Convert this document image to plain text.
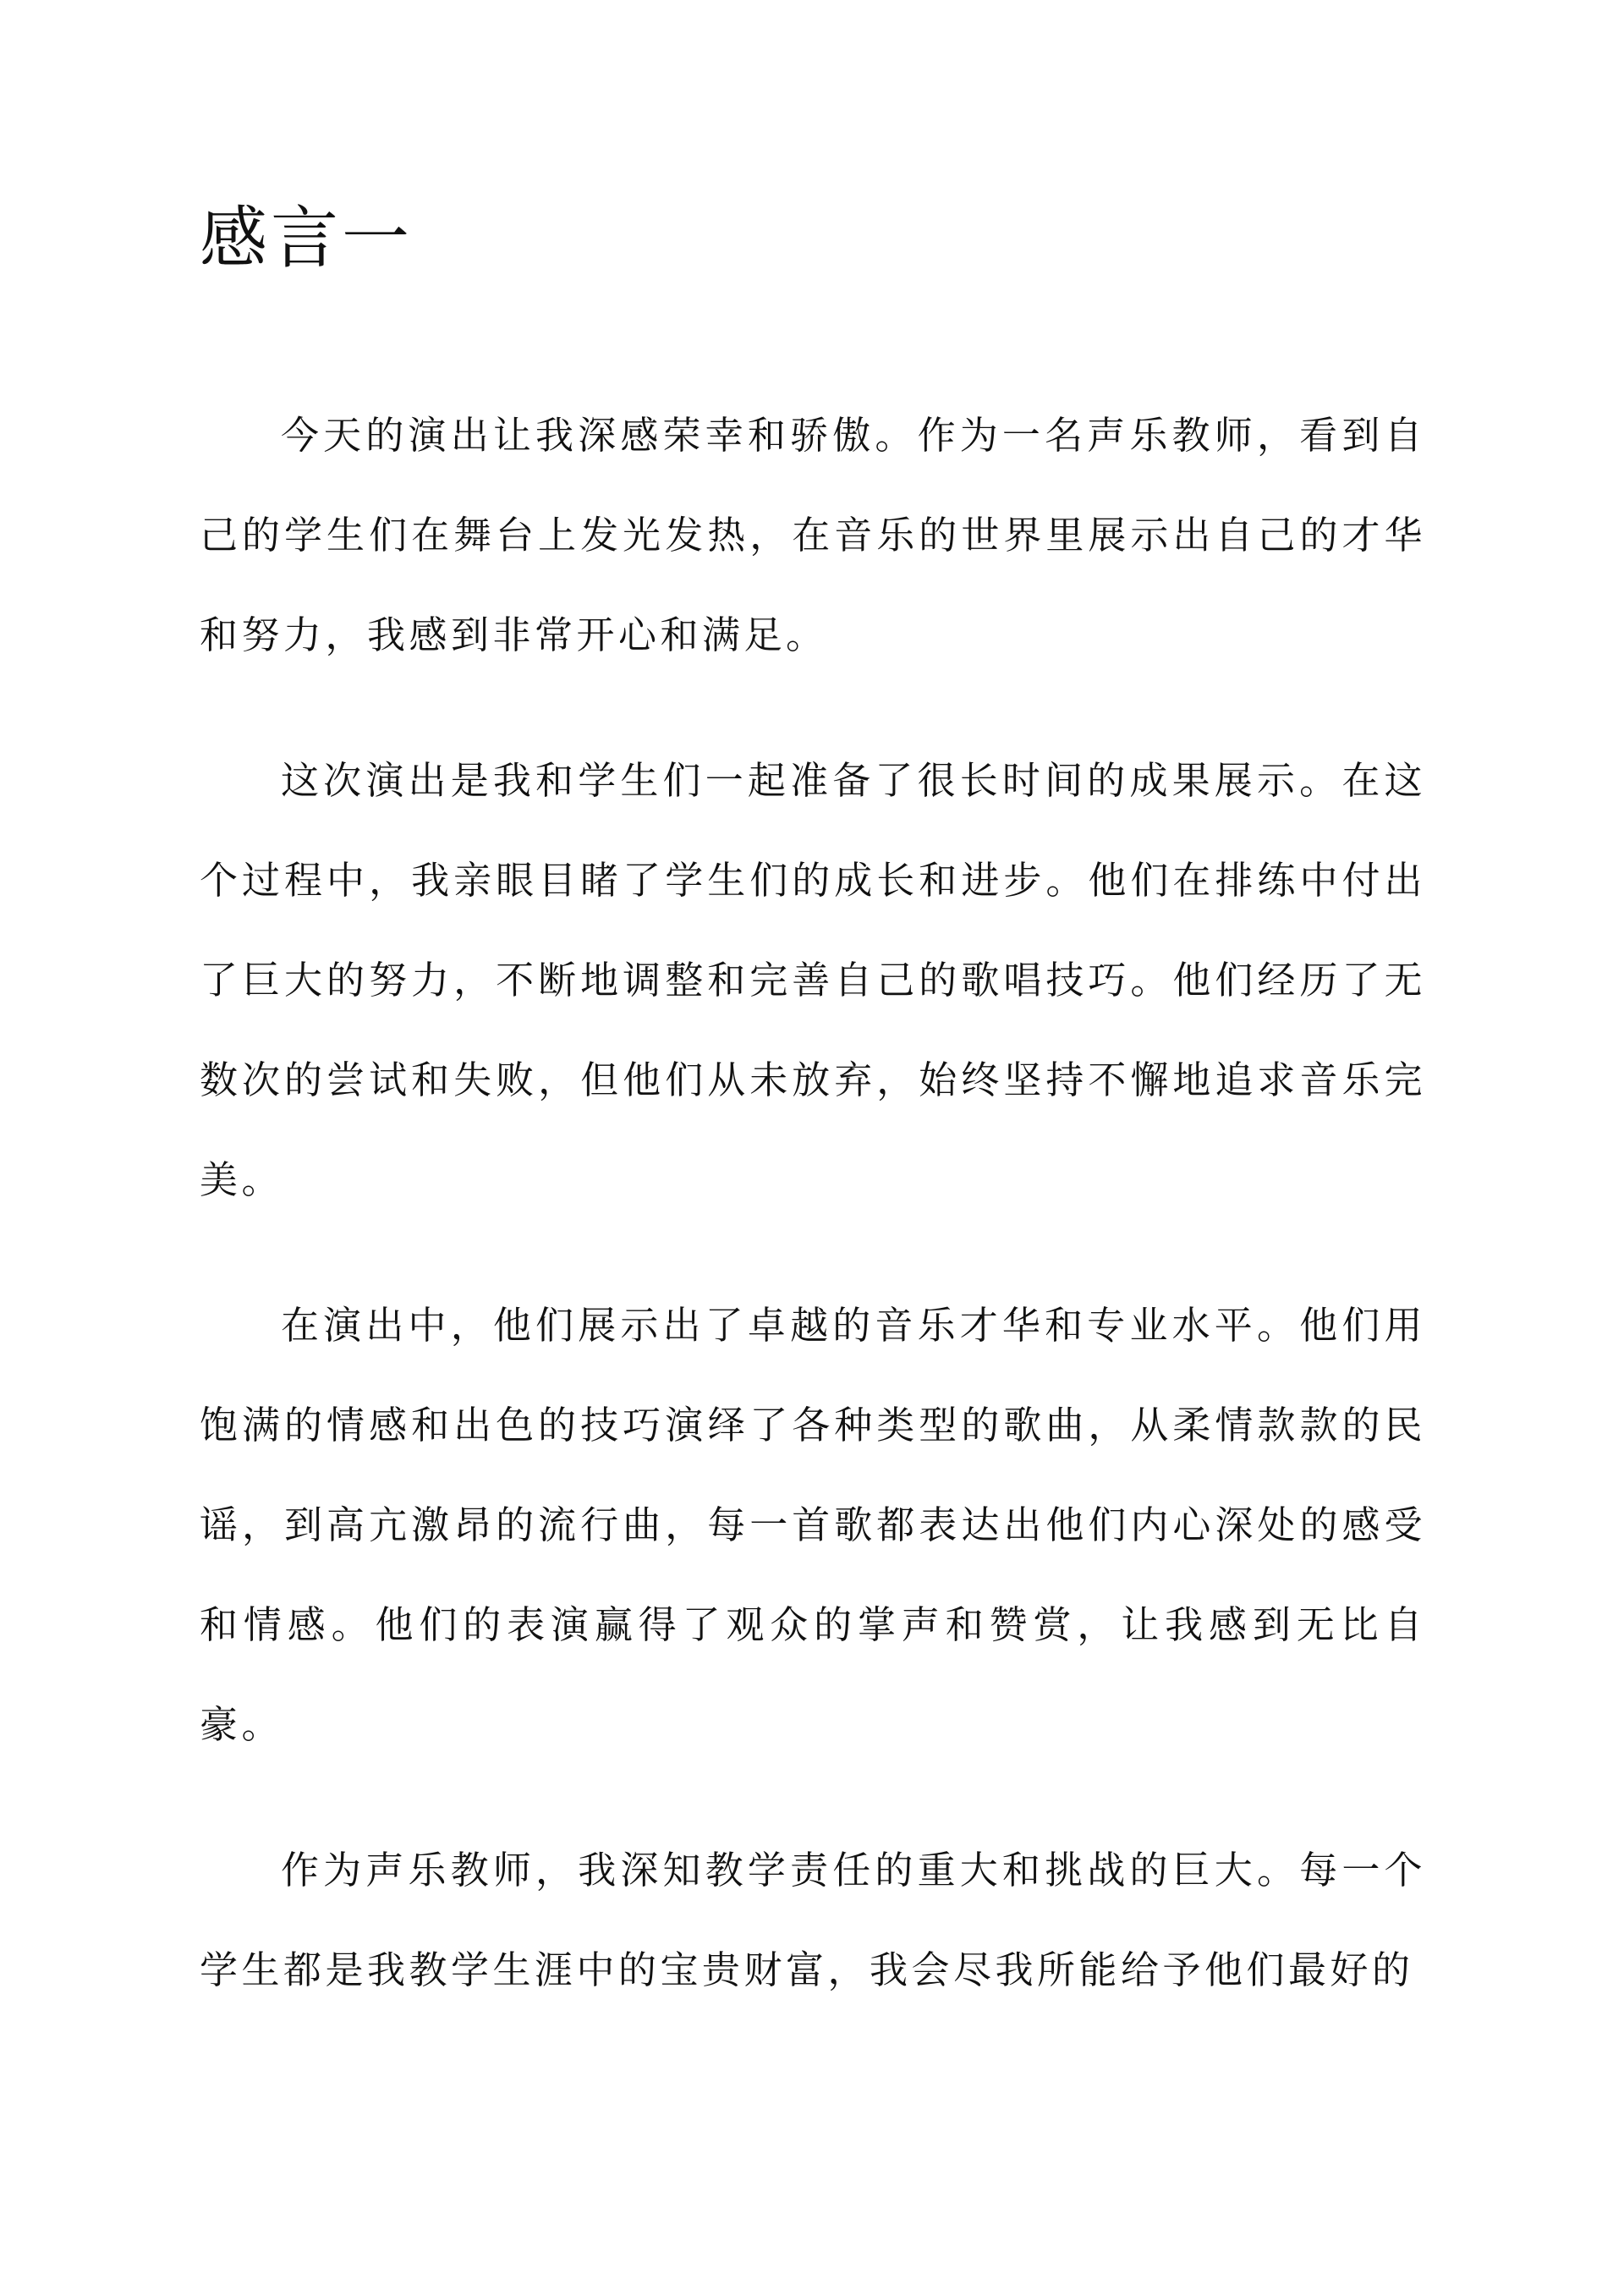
感言一

今天的演出让我深感荣幸和骄傲。作为一名声乐教师，看到自己的学生们在舞台上发光发热，在音乐的世界里展示出自己的才华和努力，我感到非常开心和满足。

这次演出是我和学生们一起准备了很长时间的成果展示。在这个过程中，我亲眼目睹了学生们的成长和进步。他们在排练中付出了巨大的努力，不断地调整和完善自己的歌唱技巧。他们经历了无数次的尝试和失败，但他们从未放弃，始终坚持不懈地追求音乐完美。

在演出中，他们展示出了卓越的音乐才华和专业水平。他们用饱满的情感和出色的技巧演绎了各种类型的歌曲，从柔情款款的民谣，到高亢激昂的流行曲，每一首歌都表达出他们内心深处的感受和情感。他们的表演赢得了观众的掌声和赞赏，让我感到无比自豪。

作为声乐教师，我深知教学责任的重大和挑战的巨大。每一个学生都是我教学生涯中的宝贵财富，我会尽我所能给予他们最好的
